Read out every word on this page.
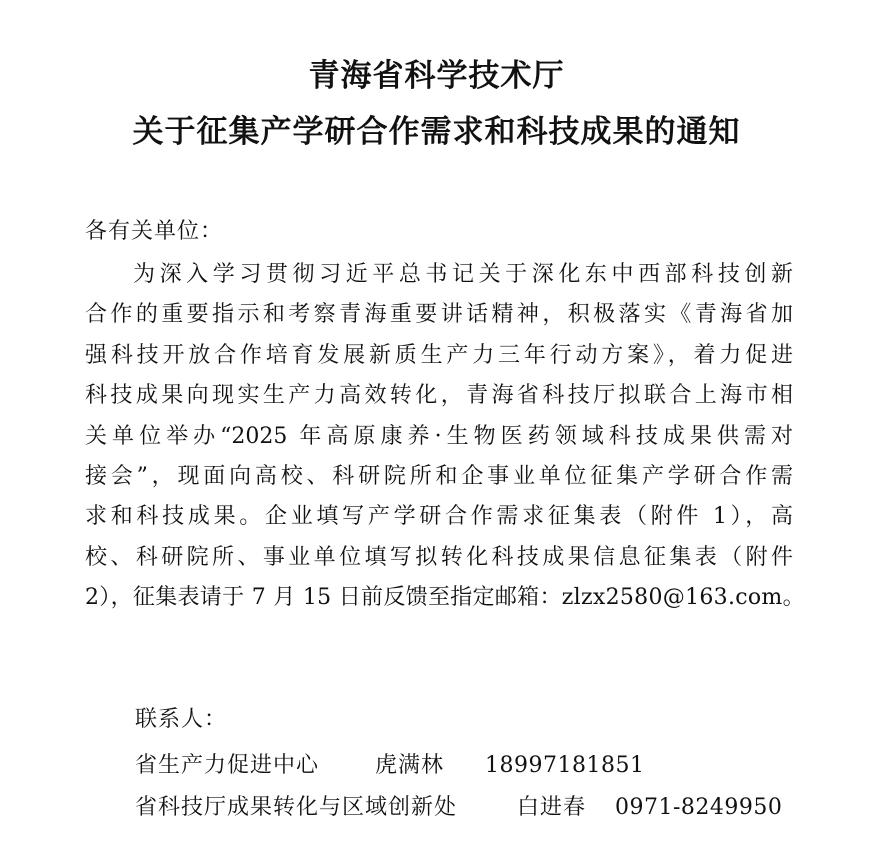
青海省科学技术厅
关于征集产学研合作需求和科技成果的通知
各有关单位：
为深入学习贯彻习近平总书记关于深化东中西部科技创新
合作的重要指示和考察青海重要讲话精神，积极落实《青海省加
强科技开放合作培育发展新质生产力三年行动方案》，着力促进
科技成果向现实生产力高效转化，青海省科技厅拟联合上海市相
关单位举办“2025 年高原康养·生物医药领域科技成果供需对
接会”，现面向高校、科研院所和企事业单位征集产学研合作需
求和科技成果。企业填写产学研合作需求征集表（附件 1），高
校、科研院所、事业单位填写拟转化科技成果信息征集表（附件
2），征集表请于 7 月 15 日前反馈至指定邮箱：zlzx2580@163.com。
联系人：
省生产力促进中心	虎满林 18997181851
省科技厅成果转化与区域创新处	白进春 0971-8249950
